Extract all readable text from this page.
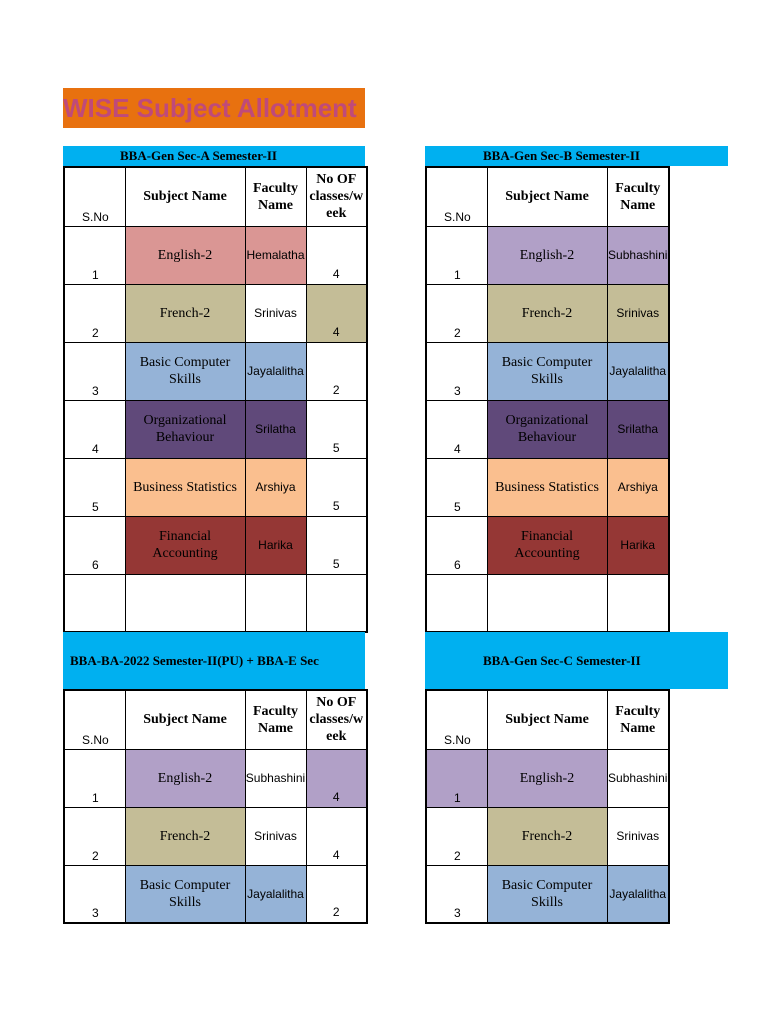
WISE Subject Allotment
BBA-Gen Sec-A Semester-II
S.No	Subject Name	Faculty Name	No OF classes/w eek

1	English-2	Hemalatha	4

2	French-2	Srinivas	4

3	Basic Computer Skills	Jayalalitha	2

4	Organizational Behaviour	Srilatha	5

5	Business Statistics	Arshiya	5

6	Financial Accounting	Harika	5

BBA-Gen Sec-B Semester-II
S.No	Subject Name	Faculty Name

1	English-2	Subhashini

2	French-2	Srinivas

3	Basic Computer Skills	Jayalalitha

4	Organizational Behaviour	Srilatha

5	Business Statistics	Arshiya

6	Financial Accounting	Harika

BBA-BA-2022 Semester-II(PU) + BBA-E Sec
S.No	Subject Name	Faculty Name	No OF classes/w eek

1	English-2	Subhashini	4

2	French-2	Srinivas	4

3	Basic Computer Skills	Jayalalitha	2
BBA-Gen Sec-C Semester-II
S.No	Subject Name	Faculty Name

1	English-2	Subhashini

2	French-2	Srinivas

3	Basic Computer Skills	Jayalalitha
